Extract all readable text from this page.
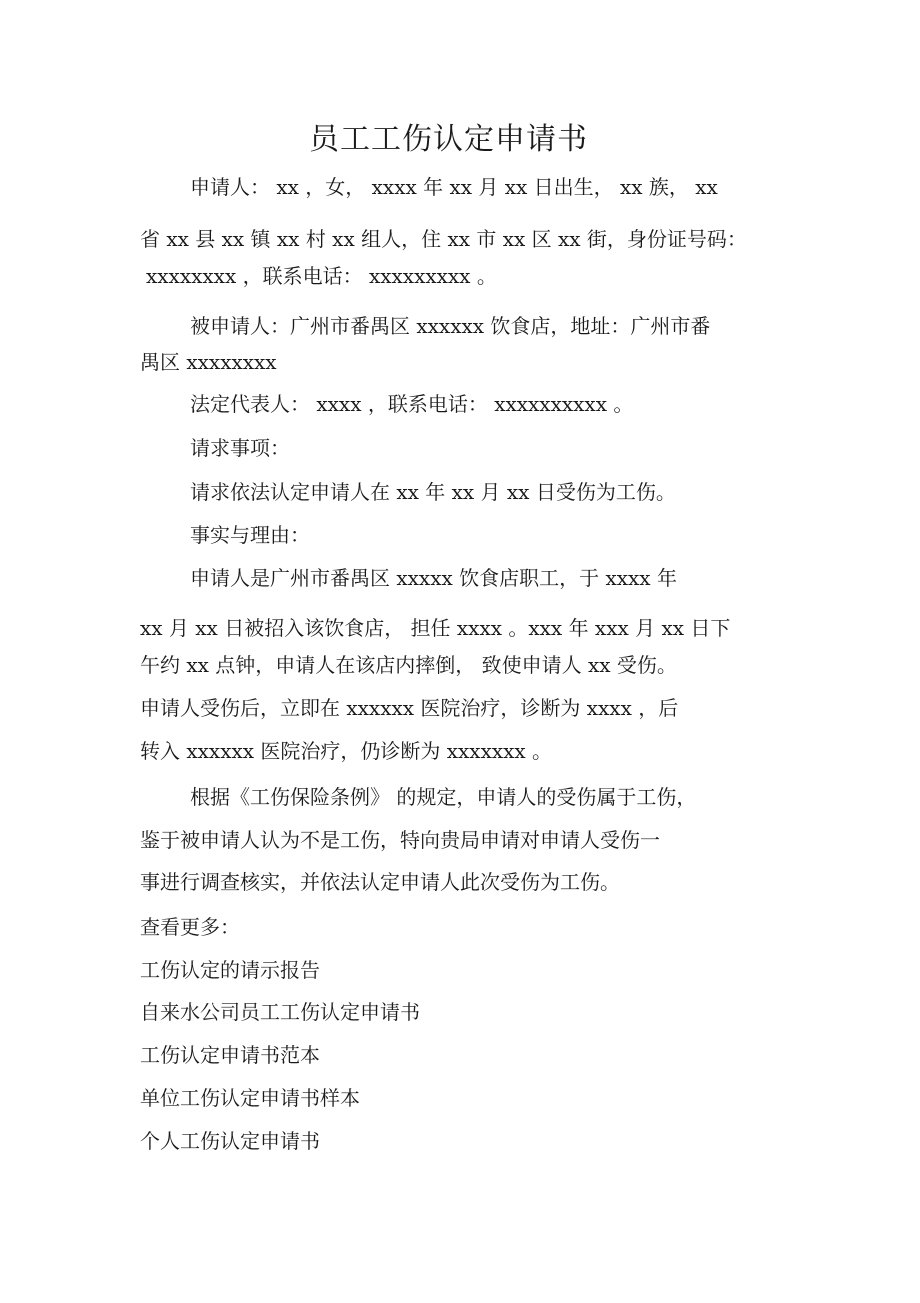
员工工伤认定申请书
申请人： xx ，女， xxxx 年 xx 月 xx 日出生， xx 族， xx
省 xx 县 xx 镇 xx 村 xx 组人，住 xx 市 xx 区 xx 街，身份证号码：
xxxxxxxx ，联系电话： xxxxxxxxx 。
被申请人：广州市番禺区 xxxxxx 饮食店，地址：广州市番
禺区 xxxxxxxx
法定代表人： xxxx ，联系电话： xxxxxxxxxx 。
请求事项：
请求依法认定申请人在 xx 年 xx 月 xx 日受伤为工伤。
事实与理由：
申请人是广州市番禺区 xxxxx 饮食店职工，于 xxxx 年
xx 月 xx 日被招入该饮食店， 担任 xxxx 。xxx 年 xxx 月 xx 日下
午约 xx 点钟，申请人在该店内摔倒， 致使申请人 xx 受伤。
申请人受伤后，立即在 xxxxxx 医院治疗，诊断为 xxxx ，后
转入 xxxxxx 医院治疗，仍诊断为 xxxxxxx 。
根据《工伤保险条例》 的规定，申请人的受伤属于工伤，
鉴于被申请人认为不是工伤，特向贵局申请对申请人受伤一
事进行调查核实，并依法认定申请人此次受伤为工伤。
查看更多：
工伤认定的请示报告
自来水公司员工工伤认定申请书
工伤认定申请书范本
单位工伤认定申请书样本
个人工伤认定申请书
